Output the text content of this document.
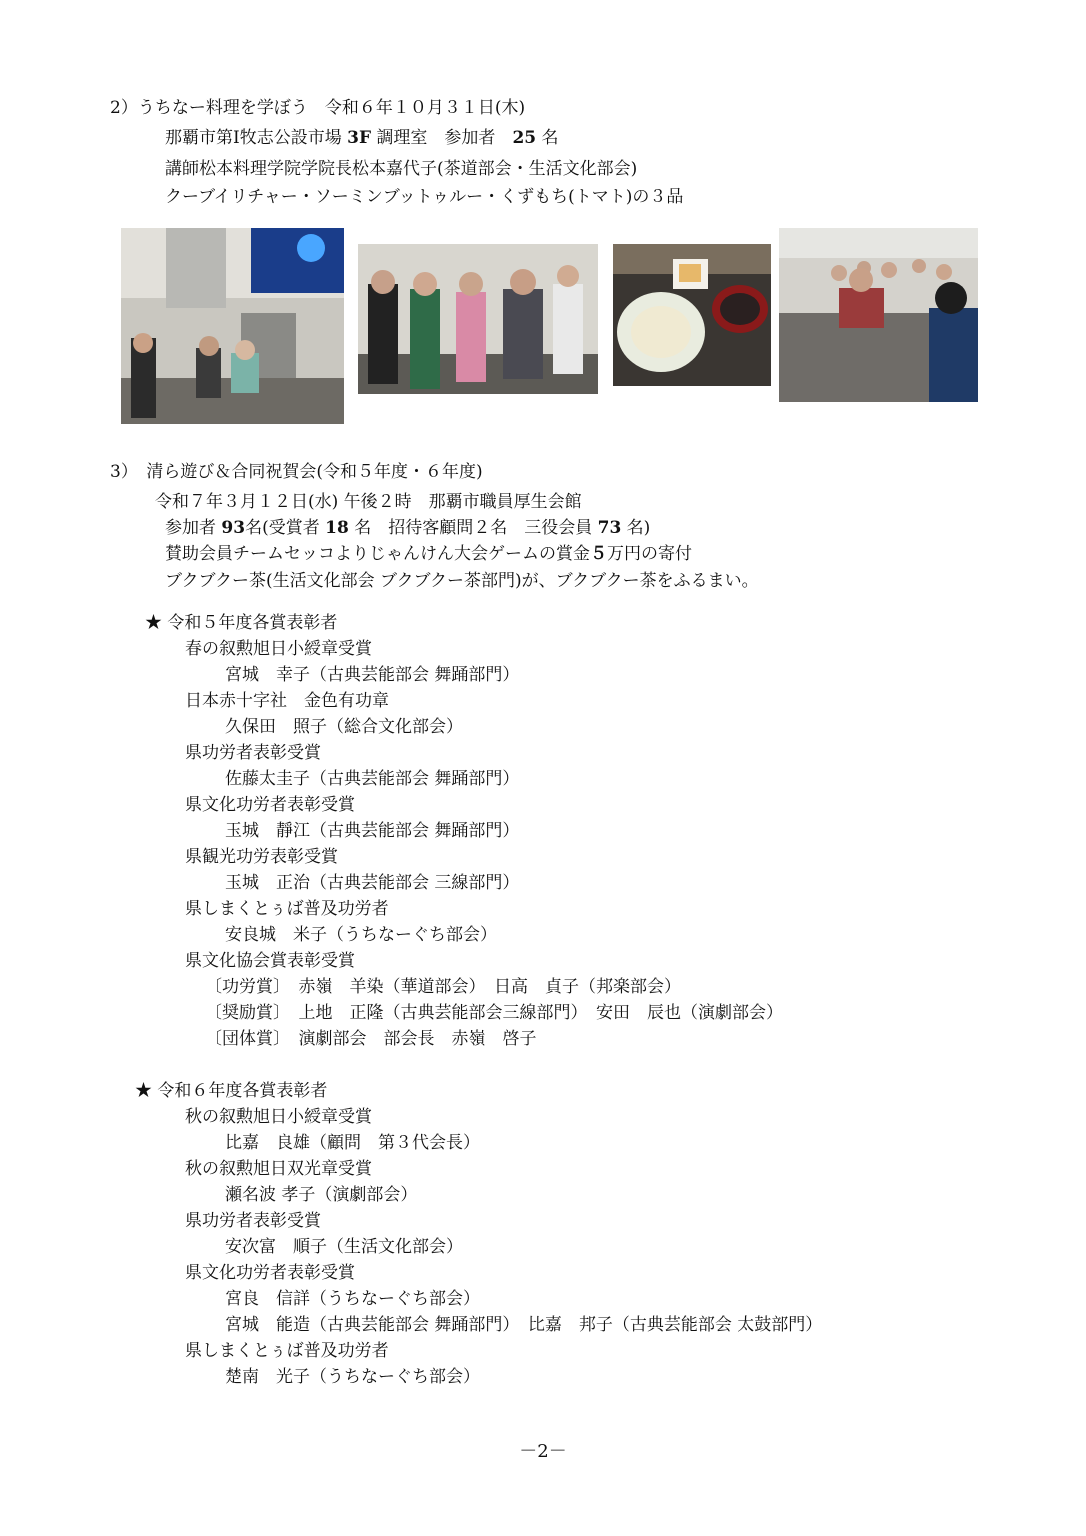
2）うちなー料理を学ぼう　令和６年１０月３１日(木)
那覇市第Ⅰ牧志公設市場 3F 調理室　参加者　25 名
講師松本料理学院学院長松本嘉代子(茶道部会・生活文化部会)
クーブイリチャー・ソーミンブットゥルー・くずもち(トマト)の３品
3）　清ら遊び＆合同祝賀会(令和５年度・６年度)
令和７年３月１２日(水) 午後２時　那覇市職員厚生会館
参加者 93名(受賞者 18 名　招待客顧問２名　三役会員 73 名)
賛助会員チームセッコよりじゃんけん大会ゲームの賞金５万円の寄付
ブクブクー茶(生活文化部会 ブクブクー茶部門)が、ブクブクー茶をふるまい。
★ 令和５年度各賞表彰者
春の叙勲旭日小綬章受賞
宮城　幸子（古典芸能部会 舞踊部門）
日本赤十字社　金色有功章
久保田　照子（総合文化部会）
県功労者表彰受賞
佐藤太圭子（古典芸能部会 舞踊部門）
県文化功労者表彰受賞
玉城　靜江（古典芸能部会 舞踊部門）
県観光功労表彰受賞
玉城　正治（古典芸能部会 三線部門）
県しまくとぅば普及功労者
安良城　米子（うちなーぐち部会）
県文化協会賞表彰受賞
〔功労賞〕　赤嶺　羊染（華道部会）　日高　貞子（邦楽部会）
〔奨励賞〕　上地　正隆（古典芸能部会三線部門）　安田　辰也（演劇部会）
〔団体賞〕　演劇部会　部会長　赤嶺　啓子
★ 令和６年度各賞表彰者
秋の叙勲旭日小綬章受賞
比嘉　良雄（顧問　第３代会長）
秋の叙勲旭日双光章受賞
瀬名波 孝子（演劇部会）
県功労者表彰受賞
安次富　順子（生活文化部会）
県文化功労者表彰受賞
宮良　信詳（うちなーぐち部会）
宮城　能造（古典芸能部会 舞踊部門）　比嘉　邦子（古典芸能部会 太鼓部門）
県しまくとぅば普及功労者
楚南　光子（うちなーぐち部会）
－2－
